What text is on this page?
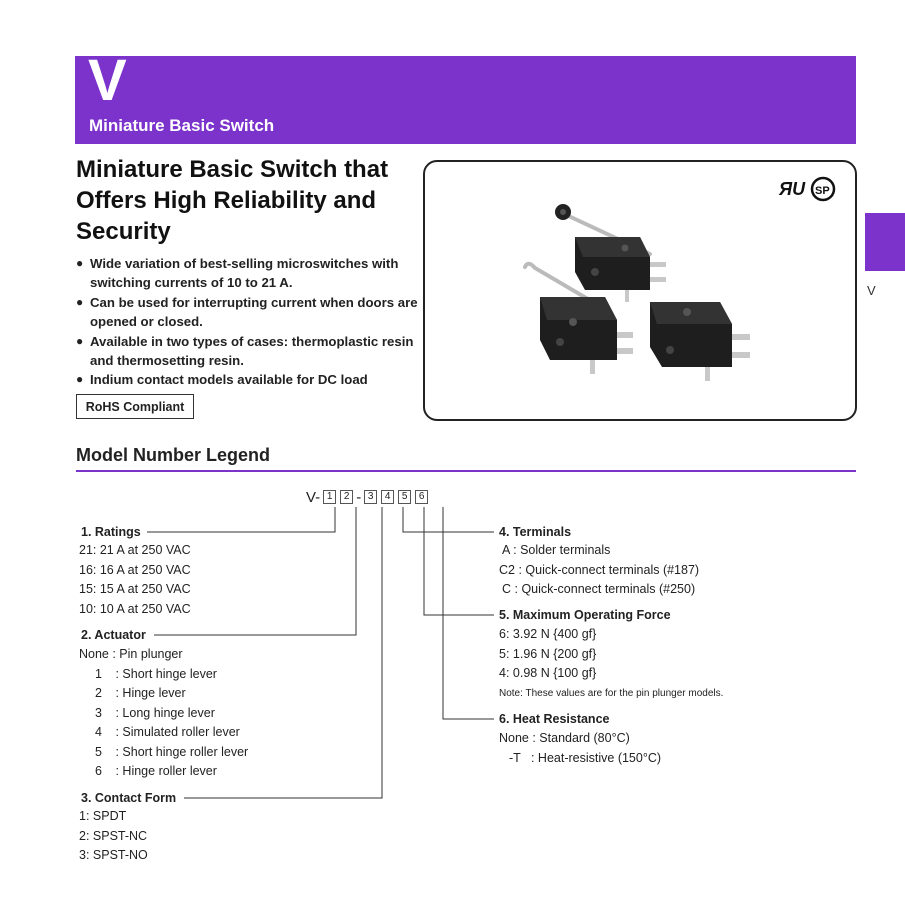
V
Miniature Basic Switch
V
Miniature Basic Switch that Offers High Reliability and Security
● Wide variation of best-selling microswitches with switching currents of 10 to 21 A.
● Can be used for interrupting current when doors are opened or closed.
● Available in two types of cases: thermoplastic resin and thermosetting resin.
● Indium contact models available for DC load
RoHS Compliant
ЯU SP
Model Number Legend
V- 1	2 - 3	4	5	6
1. Ratings
21: 21 A at 250 VAC
16: 16 A at 250 VAC
15: 15 A at 250 VAC
10: 10 A at 250 VAC
2. Actuator
None : Pin plunger
1 : Short hinge lever
2 : Hinge lever
3 : Long hinge lever
4 : Simulated roller lever
5 : Short hinge roller lever
6 : Hinge roller lever
3. Contact Form
1: SPDT
2: SPST-NC
3: SPST-NO
4. Terminals
A : Solder terminals
C2 : Quick-connect terminals (#187)
C : Quick-connect terminals (#250)
5. Maximum Operating Force
6: 3.92 N {400 gf}
5: 1.96 N {200 gf}
4: 0.98 N {100 gf}
Note: These values are for the pin plunger models.
6. Heat Resistance
None : Standard (80°C)
-T   : Heat-resistive (150°C)
